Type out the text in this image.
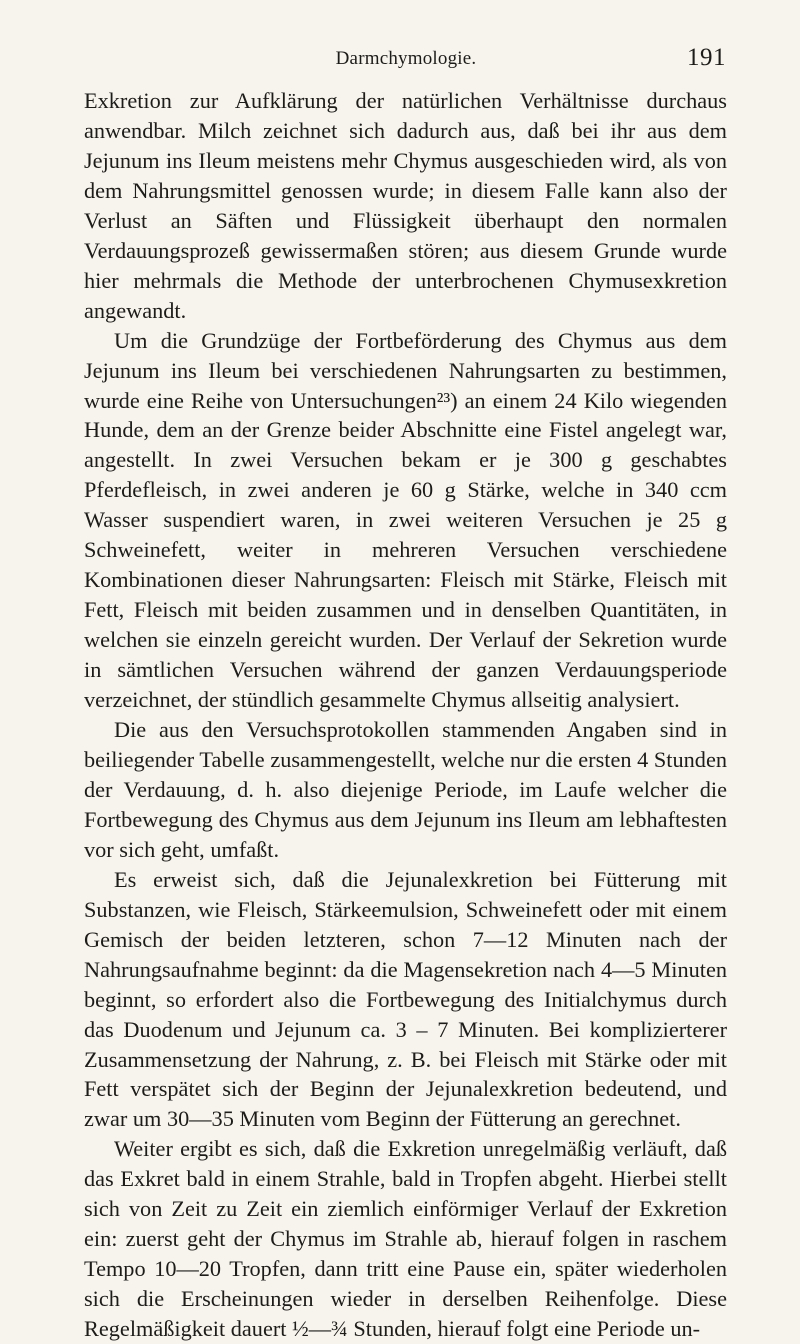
Darmchymologie.	191

Exkretion zur Aufklärung der natürlichen Verhältnisse durchaus anwendbar. Milch zeichnet sich dadurch aus, daß bei ihr aus dem Jejunum ins Ileum meistens mehr Chymus ausgeschieden wird, als von dem Nahrungsmittel genossen wurde; in diesem Falle kann also der Verlust an Säften und Flüssigkeit überhaupt den normalen Verdauungsprozeß gewissermaßen stören; aus diesem Grunde wurde hier mehrmals die Methode der unterbrochenen Chymusexkretion angewandt.

Um die Grundzüge der Fortbeförderung des Chymus aus dem Jejunum ins Ileum bei verschiedenen Nahrungsarten zu bestimmen, wurde eine Reihe von Untersuchungen²³) an einem 24 Kilo wiegenden Hunde, dem an der Grenze beider Abschnitte eine Fistel angelegt war, angestellt. In zwei Versuchen bekam er je 300 g geschabtes Pferdefleisch, in zwei anderen je 60 g Stärke, welche in 340 ccm Wasser suspendiert waren, in zwei weiteren Versuchen je 25 g Schweinefett, weiter in mehreren Versuchen verschiedene Kombinationen dieser Nahrungsarten: Fleisch mit Stärke, Fleisch mit Fett, Fleisch mit beiden zusammen und in denselben Quantitäten, in welchen sie einzeln gereicht wurden. Der Verlauf der Sekretion wurde in sämtlichen Versuchen während der ganzen Verdauungsperiode verzeichnet, der stündlich gesammelte Chymus allseitig analysiert.

Die aus den Versuchsprotokollen stammenden Angaben sind in beiliegender Tabelle zusammengestellt, welche nur die ersten 4 Stunden der Verdauung, d. h. also diejenige Periode, im Laufe welcher die Fortbewegung des Chymus aus dem Jejunum ins Ileum am lebhaftesten vor sich geht, umfaßt.

Es erweist sich, daß die Jejunalexkretion bei Fütterung mit Substanzen, wie Fleisch, Stärkeemulsion, Schweinefett oder mit einem Gemisch der beiden letzteren, schon 7—12 Minuten nach der Nahrungsaufnahme beginnt: da die Magensekretion nach 4—5 Minuten beginnt, so erfordert also die Fortbewegung des Initialchymus durch das Duodenum und Jejunum ca. 3 – 7 Minuten. Bei komplizierterer Zusammensetzung der Nahrung, z. B. bei Fleisch mit Stärke oder mit Fett verspätet sich der Beginn der Jejunalexkretion bedeutend, und zwar um 30—35 Minuten vom Beginn der Fütterung an gerechnet.

Weiter ergibt es sich, daß die Exkretion unregelmäßig verläuft, daß das Exkret bald in einem Strahle, bald in Tropfen abgeht. Hierbei stellt sich von Zeit zu Zeit ein ziemlich einförmiger Verlauf der Exkretion ein: zuerst geht der Chymus im Strahle ab, hierauf folgen in raschem Tempo 10—20 Tropfen, dann tritt eine Pause ein, später wiederholen sich die Erscheinungen wieder in derselben Reihenfolge. Diese Regelmäßigkeit dauert ½—¾ Stunden, hierauf folgt eine Periode un-
